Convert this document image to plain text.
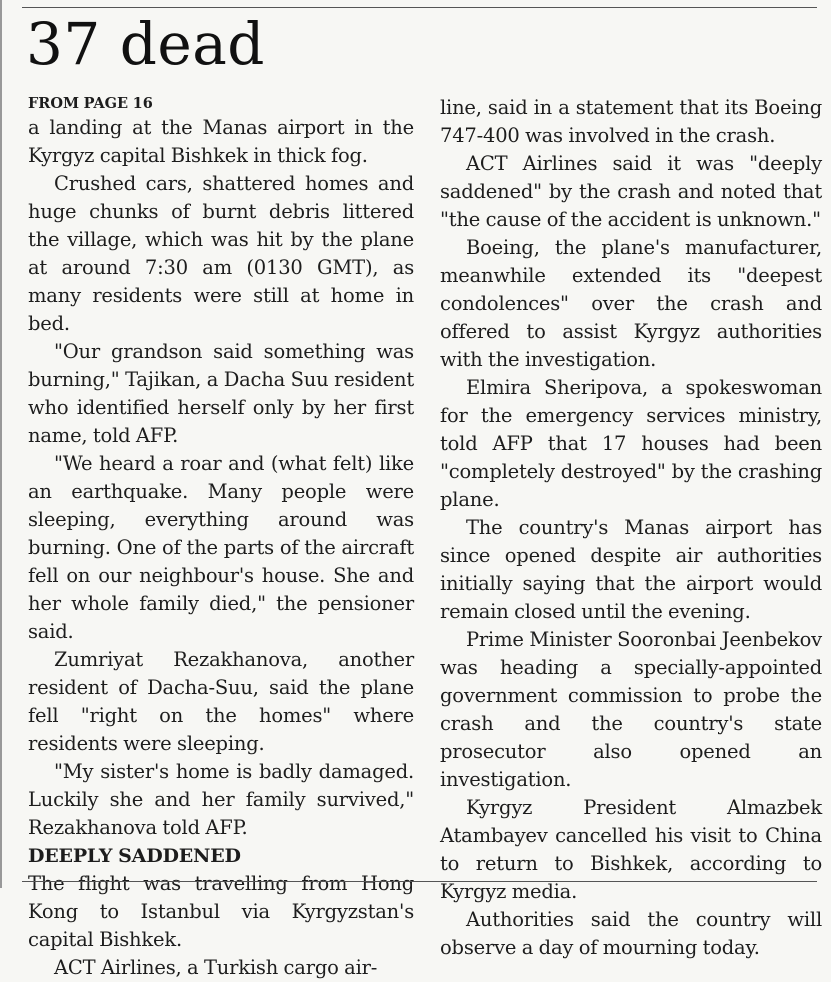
37 dead
FROM PAGE 16

a landing at the Manas airport in the Kyrgyz capital Bishkek in thick fog.

Crushed cars, shattered homes and huge chunks of burnt debris littered the village, which was hit by the plane at around 7:30 am (0130 GMT), as many residents were still at home in bed.

"Our grandson said something was burning," Tajikan, a Dacha Suu resident who identified herself only by her first name, told AFP.

"We heard a roar and (what felt) like an earthquake. Many people were sleeping, everything around was burning. One of the parts of the aircraft fell on our neighbour's house. She and her whole family died," the pensioner said.

Zumriyat Rezakhanova, another resident of Dacha-Suu, said the plane fell "right on the homes" where residents were sleeping.

"My sister's home is badly damaged. Luckily she and her family survived," Rezakhanova told AFP.

DEEPLY SADDENED

The flight was travelling from Hong Kong to Istanbul via Kyrgyzstan's capital Bishkek.

ACT Airlines, a Turkish cargo air-

line, said in a statement that its Boeing 747-400 was involved in the crash.

ACT Airlines said it was "deeply saddened" by the crash and noted that "the cause of the accident is unknown."

Boeing, the plane's manufacturer, meanwhile extended its "deepest condolences" over the crash and offered to assist Kyrgyz authorities with the investigation.

Elmira Sheripova, a spokeswoman for the emergency services ministry, told AFP that 17 houses had been "completely destroyed" by the crashing plane.

The country's Manas airport has since opened despite air authorities initially saying that the airport would remain closed until the evening.

Prime Minister Sooronbai Jeenbekov was heading a specially-appointed government commission to probe the crash and the country's state prosecutor also opened an investigation.

Kyrgyz President Almazbek Atambayev cancelled his visit to China to return to Bishkek, according to Kyrgyz media.

Authorities said the country will observe a day of mourning today.
